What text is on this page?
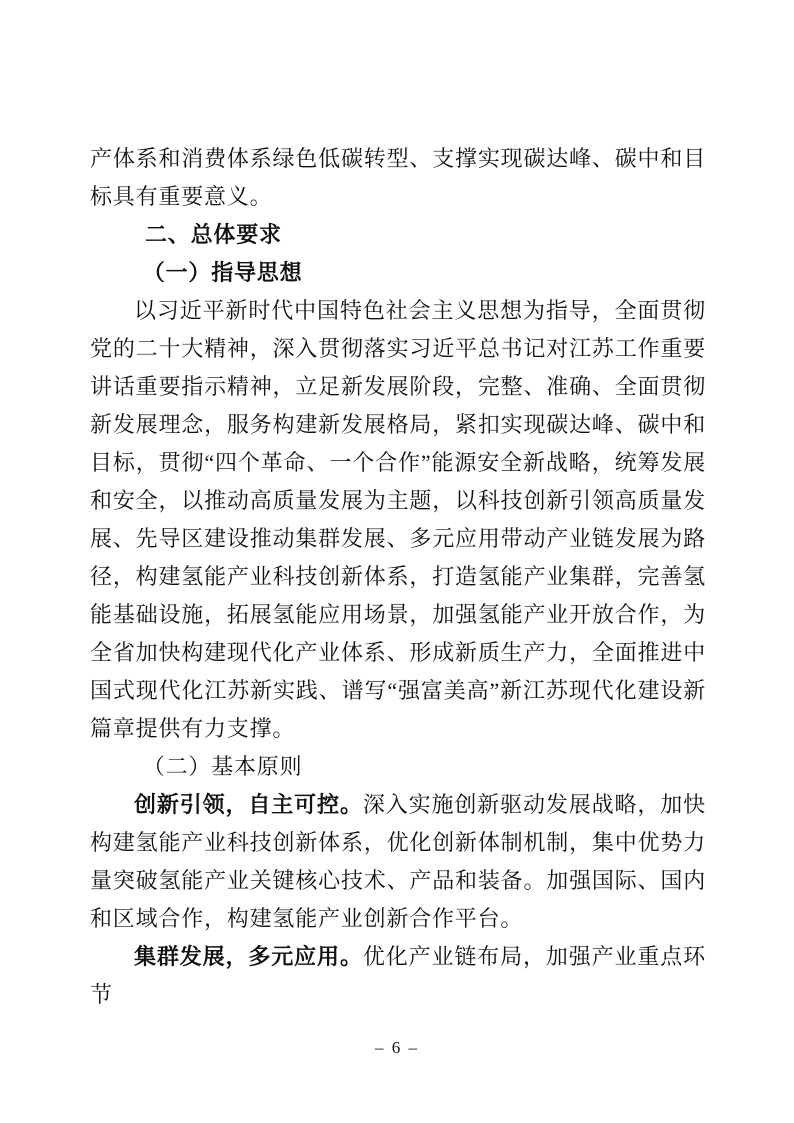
产体系和消费体系绿色低碳转型、支撑实现碳达峰、碳中和目标具有重要意义。

二、总体要求
（一）指导思想

以习近平新时代中国特色社会主义思想为指导，全面贯彻党的二十大精神，深入贯彻落实习近平总书记对江苏工作重要讲话重要指示精神，立足新发展阶段，完整、准确、全面贯彻新发展理念，服务构建新发展格局，紧扣实现碳达峰、碳中和目标，贯彻“四个革命、一个合作”能源安全新战略，统筹发展和安全，以推动高质量发展为主题，以科技创新引领高质量发展、先导区建设推动集群发展、多元应用带动产业链发展为路径，构建氢能产业科技创新体系，打造氢能产业集群，完善氢能基础设施，拓展氢能应用场景，加强氢能产业开放合作，为全省加快构建现代化产业体系、形成新质生产力，全面推进中国式现代化江苏新实践、谱写“强富美高”新江苏现代化建设新篇章提供有力支撑。

（二）基本原则

创新引领，自主可控。深入实施创新驱动发展战略，加快构建氢能产业科技创新体系，优化创新体制机制，集中优势力量突破氢能产业关键核心技术、产品和装备。加强国际、国内和区域合作，构建氢能产业创新合作平台。

集群发展，多元应用。优化产业链布局，加强产业重点环节

– 6 –
